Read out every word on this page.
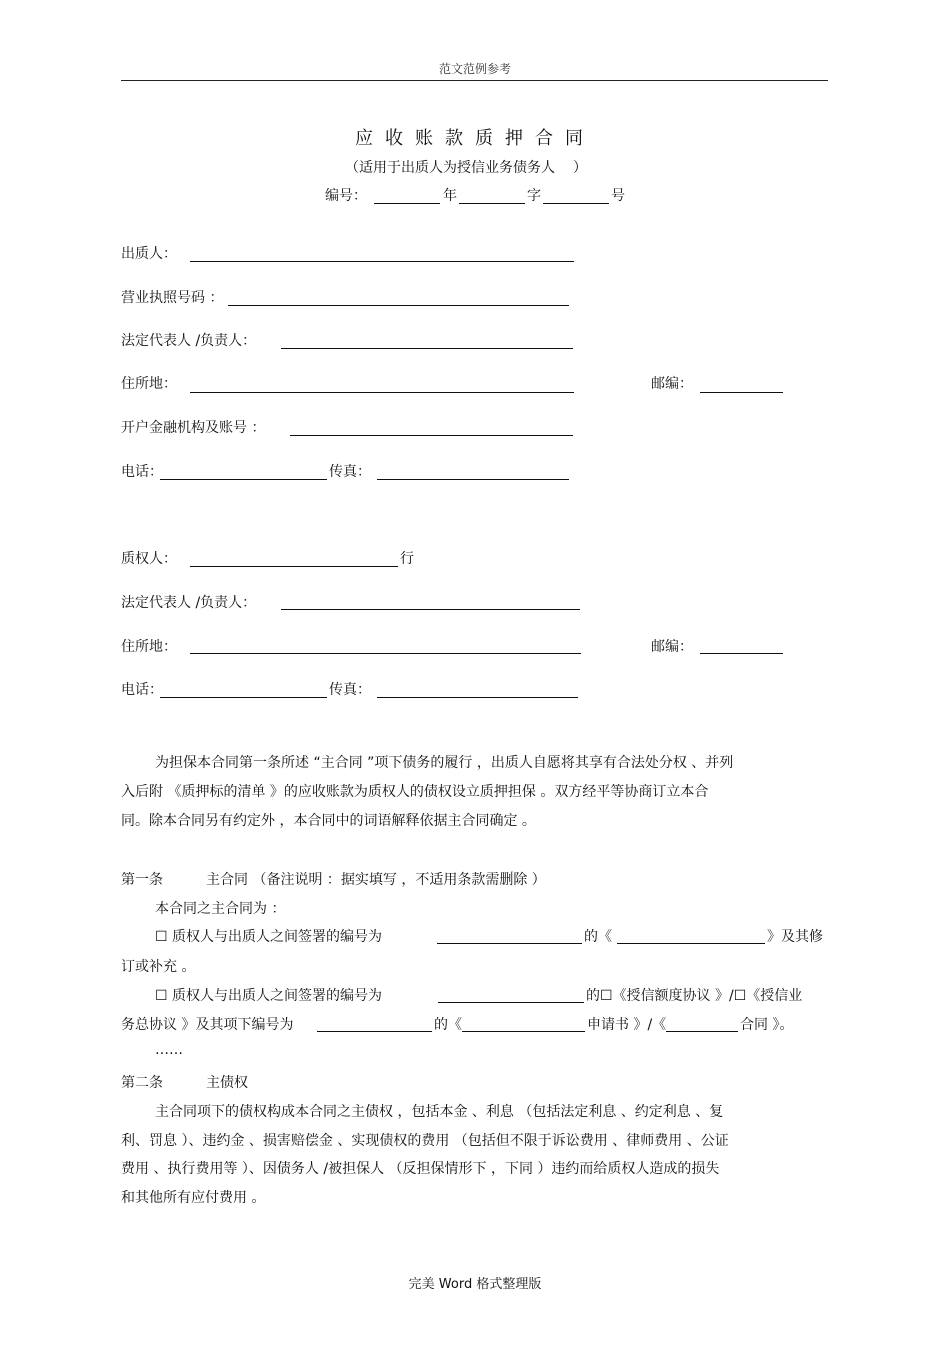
范文范例参考
应收账款质押合同
（适用于出质人为授信业务债务人 ）
编号：	年	字	号
出质人：
营业执照号码 ：
法定代表人 /负责人：
住所地：	邮编：
开户金融机构及账号 ：
电话：	传真：
质权人：	行
法定代表人 /负责人：
住所地：	邮编：
电话：	传真：
为担保本合同第一条所述 “主合同 ”项下债务的履行 ，出质人自愿将其享有合法处分权 、并列
入后附 《质押标的清单 》的应收账款为质权人的债权设立质押担保 。双方经平等协商订立本合
同。除本合同另有约定外 ，本合同中的词语解释依据主合同确定 。
第一条	主合同 （备注说明 ：据实填写 ，不适用条款需删除 ）
本合同之主合同为 ：
☐ 质权人与出质人之间签署的编号为	的《	》及其修
订或补充 。
☐ 质权人与出质人之间签署的编号为	的☐《授信额度协议 》/☐《授信业
务总协议 》及其项下编号为	的《	申请书 》/《	合同 》。
……
第二条	主债权
主合同项下的债权构成本合同之主债权 ，包括本金 、利息 （包括法定利息 、约定利息 、复
利、罚息 ）、违约金 、损害赔偿金 、实现债权的费用 （包括但不限于诉讼费用 、律师费用 、公证
费用 、执行费用等 ）、因债务人 /被担保人 （反担保情形下 ，下同 ）违约而给质权人造成的损失
和其他所有应付费用 。
完美 Word 格式整理版
